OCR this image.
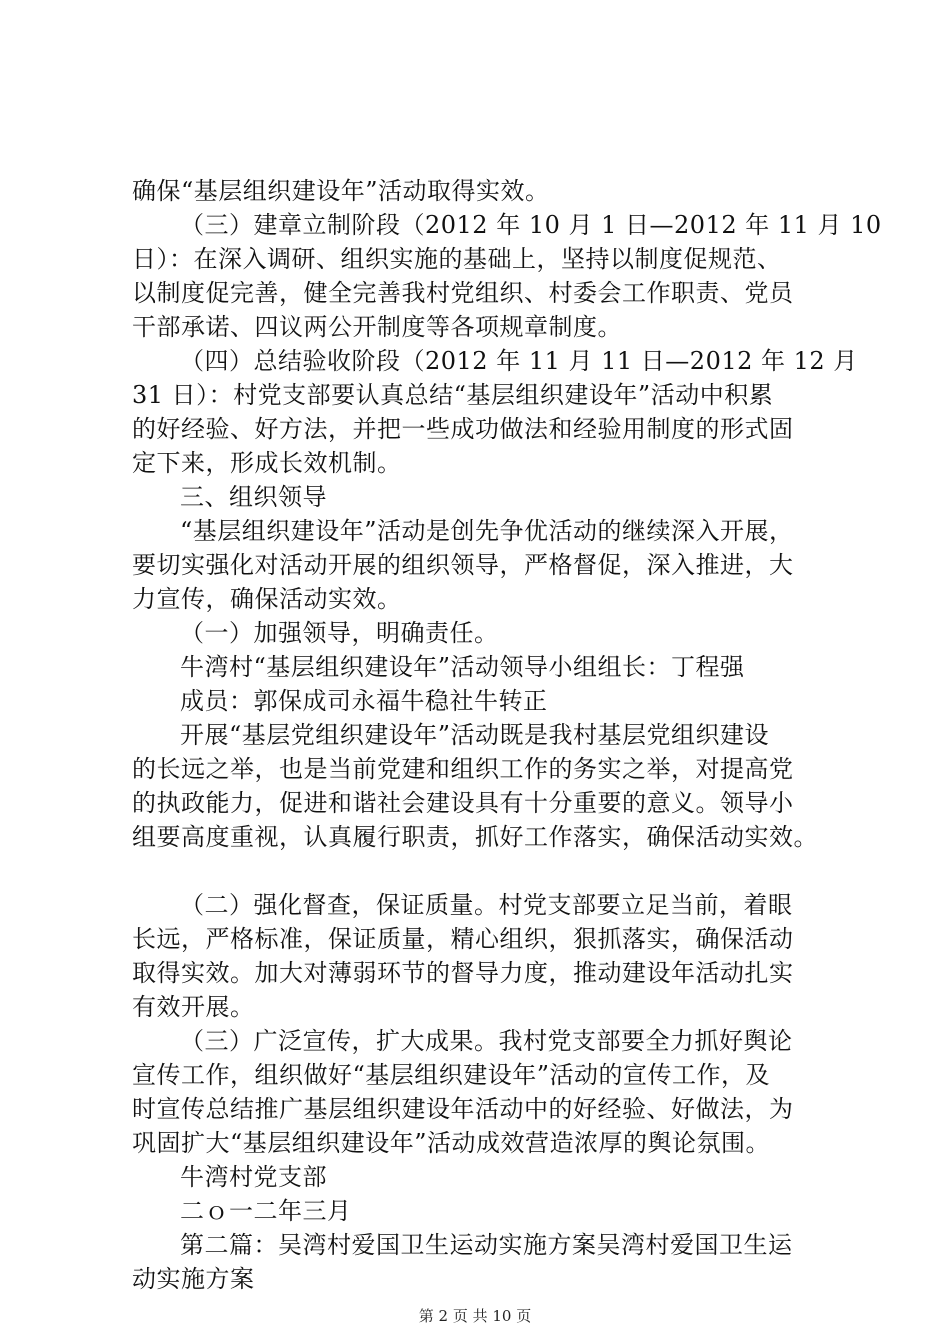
确保“基层组织建设年”活动取得实效。
（三）建章立制阶段（2012 年 10 月 1 日—2012 年 11 月 10
日）：在深入调研、组织实施的基础上，坚持以制度促规范、
以制度促完善，健全完善我村党组织、村委会工作职责、党员
干部承诺、四议两公开制度等各项规章制度。
（四）总结验收阶段（2012 年 11 月 11 日—2012 年 12 月
31 日）：村党支部要认真总结“基层组织建设年”活动中积累
的好经验、好方法，并把一些成功做法和经验用制度的形式固
定下来，形成长效机制。
三、组织领导
“基层组织建设年”活动是创先争优活动的继续深入开展，
要切实强化对活动开展的组织领导，严格督促，深入推进，大
力宣传，确保活动实效。
（一）加强领导，明确责任。
牛湾村“基层组织建设年”活动领导小组组长：丁程强
成员：郭保成司永福牛稳社牛转正
开展“基层党组织建设年”活动既是我村基层党组织建设
的长远之举，也是当前党建和组织工作的务实之举，对提高党
的执政能力，促进和谐社会建设具有十分重要的意义。领导小
组要高度重视，认真履行职责，抓好工作落实，确保活动实效。
（二）强化督查，保证质量。村党支部要立足当前，着眼
长远，严格标准，保证质量，精心组织，狠抓落实，确保活动
取得实效。加大对薄弱环节的督导力度，推动建设年活动扎实
有效开展。
（三）广泛宣传，扩大成果。我村党支部要全力抓好舆论
宣传工作，组织做好“基层组织建设年”活动的宣传工作，及
时宣传总结推广基层组织建设年活动中的好经验、好做法，为
巩固扩大“基层组织建设年”活动成效营造浓厚的舆论氛围。
牛湾村党支部
二ｏ一二年三月
第二篇：吴湾村爱国卫生运动实施方案吴湾村爱国卫生运
动实施方案
第 2 页 共 10 页
